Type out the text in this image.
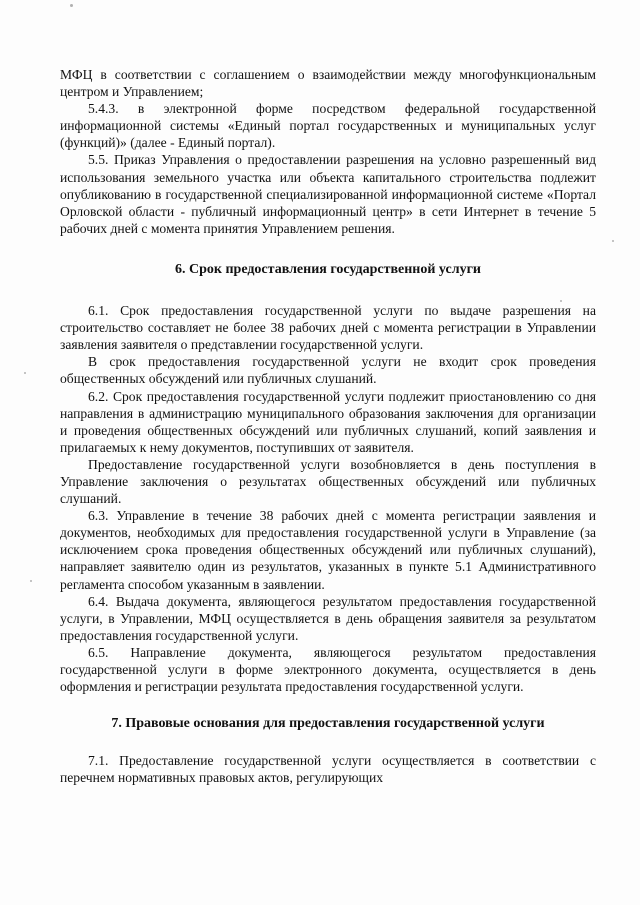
МФЦ в соответствии с соглашением о взаимодействии между многофункциональным центром и Управлением;

5.4.3. в электронной форме посредством федеральной государственной информационной системы «Единый портал государственных и муниципальных услуг (функций)» (далее - Единый портал).

5.5. Приказ Управления о предоставлении разрешения на условно разрешенный вид использования земельного участка или объекта капитального строительства подлежит опубликованию в государственной специализированной информационной системе «Портал Орловской области - публичный информационный центр» в сети Интернет в течение 5 рабочих дней с момента принятия Управлением решения.

6. Срок предоставления государственной услуги

6.1. Срок предоставления государственной услуги по выдаче разрешения на строительство составляет не более 38 рабочих дней с момента регистрации в Управлении заявления заявителя о представлении государственной услуги.

В срок предоставления государственной услуги не входит срок проведения общественных обсуждений или публичных слушаний.

6.2. Срок предоставления государственной услуги подлежит приостановлению со дня направления в администрацию муниципального образования заключения для организации и проведения общественных обсуждений или публичных слушаний, копий заявления и прилагаемых к нему документов, поступивших от заявителя.

Предоставление государственной услуги возобновляется в день поступления в Управление заключения о результатах общественных обсуждений или публичных слушаний.

6.3. Управление в течение 38 рабочих дней с момента регистрации заявления и документов, необходимых для предоставления государственной услуги в Управление (за исключением срока проведения общественных обсуждений или публичных слушаний), направляет заявителю один из результатов, указанных в пункте 5.1 Административного регламента способом указанным в заявлении.

6.4. Выдача документа, являющегося результатом предоставления государственной услуги, в Управлении, МФЦ осуществляется в день обращения заявителя за результатом предоставления государственной услуги.

6.5. Направление документа, являющегося результатом предоставления государственной услуги в форме электронного документа, осуществляется в день оформления и регистрации результата предоставления государственной услуги.

7. Правовые основания для предоставления государственной услуги

7.1. Предоставление государственной услуги осуществляется в соответствии с перечнем нормативных правовых актов, регулирующих
